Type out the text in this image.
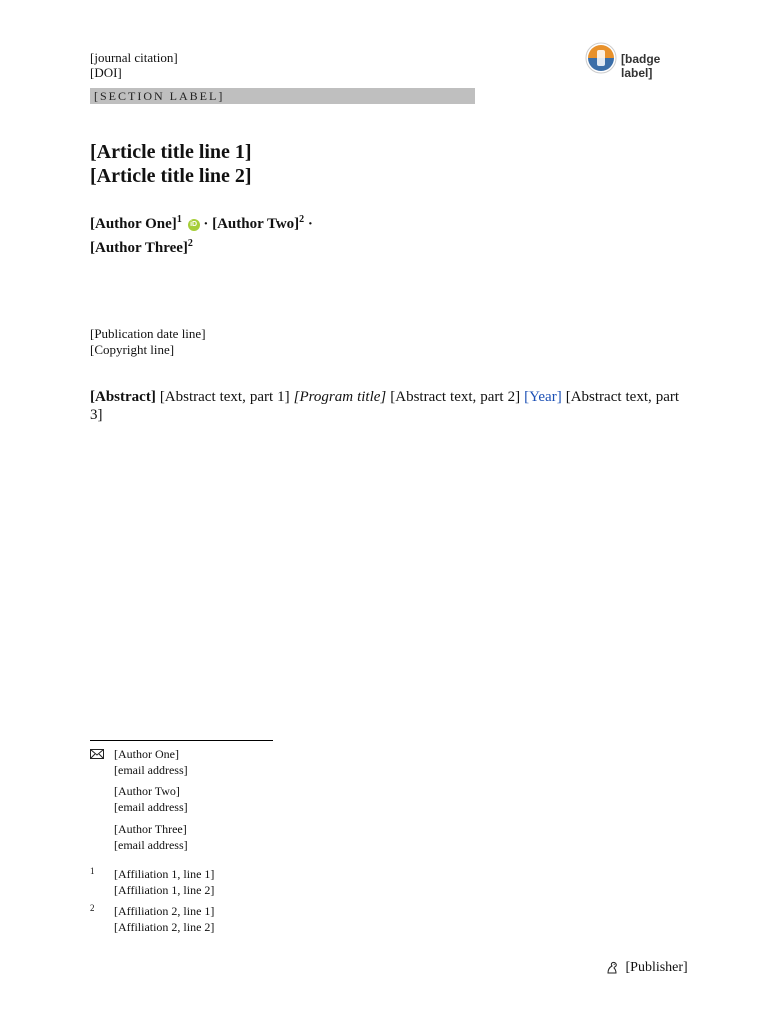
[journal citation]
[DOI]
[badge label]
[SECTION LABEL]
[Article title line 1]
[Article title line 2]
[Author One]$^1$ iD · [Author Two]$^2$ ·
[Author Three]$^2$
[Publication date line]
[Copyright line]
[Abstract] [Abstract text, part 1] [Program title] [Abstract text, part 2] [Year] [Abstract text, part 3]
[Author One]
[email address]
[Author Two]
[email address]
[Author Three]
[email address]
1 [Affiliation 1, line 1]
[Affiliation 1, line 2]
2 [Affiliation 2, line 1]
[Affiliation 2, line 2]
[Publisher]
